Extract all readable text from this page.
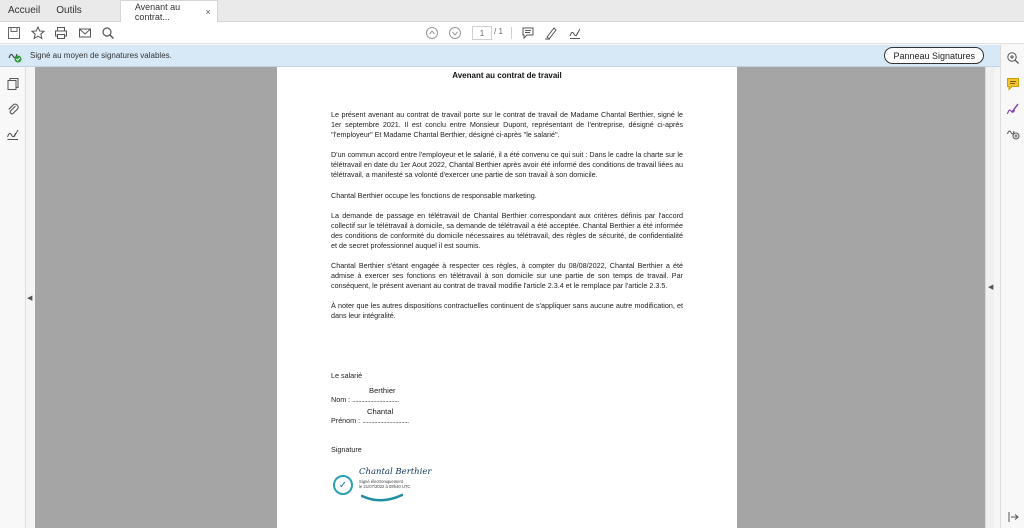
Accueil	Outils	Avenant au contrat...	×
1	/ 1
Signé au moyen de signatures valables.	Panneau Signatures
◀
Avenant au contrat de travail

Le présent avenant au contrat de travail porte sur le contrat de travail de Madame Chantal Berthier, signé le 1er septembre 2021. Il est conclu entre Monsieur Dupont, représentant de l'entreprise, désigné ci-après "l'employeur" Et Madame Chantal Berthier, désigné ci-après "le salarié".

D'un commun accord entre l'employeur et le salarié, il a été convenu ce qui suit : Dans le cadre la charte sur le télétravail en date du 1er Aout 2022, Chantal Berthier après avoir été informé des conditions de travail liées au télétravail, a manifesté sa volonté d'exercer une partie de son travail à son domicile.

Chantal Berthier occupe les fonctions de responsable marketing.

La demande de passage en télétravail de Chantal Berthier correspondant aux critères définis par l'accord collectif sur le télétravail à domicile, sa demande de télétravail a été acceptée. Chantal Berthier a été informée des conditions de conformité du domicile nécessaires au télétravail, des règles de sécurité, de confidentialité et de secret professionnel auquel il est soumis.

Chantal Berthier s'étant engagée à respecter ces règles, à compter du 08/08/2022, Chantal Berthier a été admise à exercer ses fonctions en télétravail à son domicile sur une partie de son temps de travail. Par conséquent, le présent avenant au contrat de travail modifie l'article 2.3.4 et le remplace par l'article 2.3.5.

À noter que les autres dispositions contractuelles continuent de s'appliquer sans aucune autre modification, et dans leur intégralité.

Le salarié
Berthier
Nom : ...............................
Chantal
Prénom : ...............................
Signature
✓
Chantal Berthier
Signé électroniquement
le 21/07/2022 à 08h40 UTC
◀
